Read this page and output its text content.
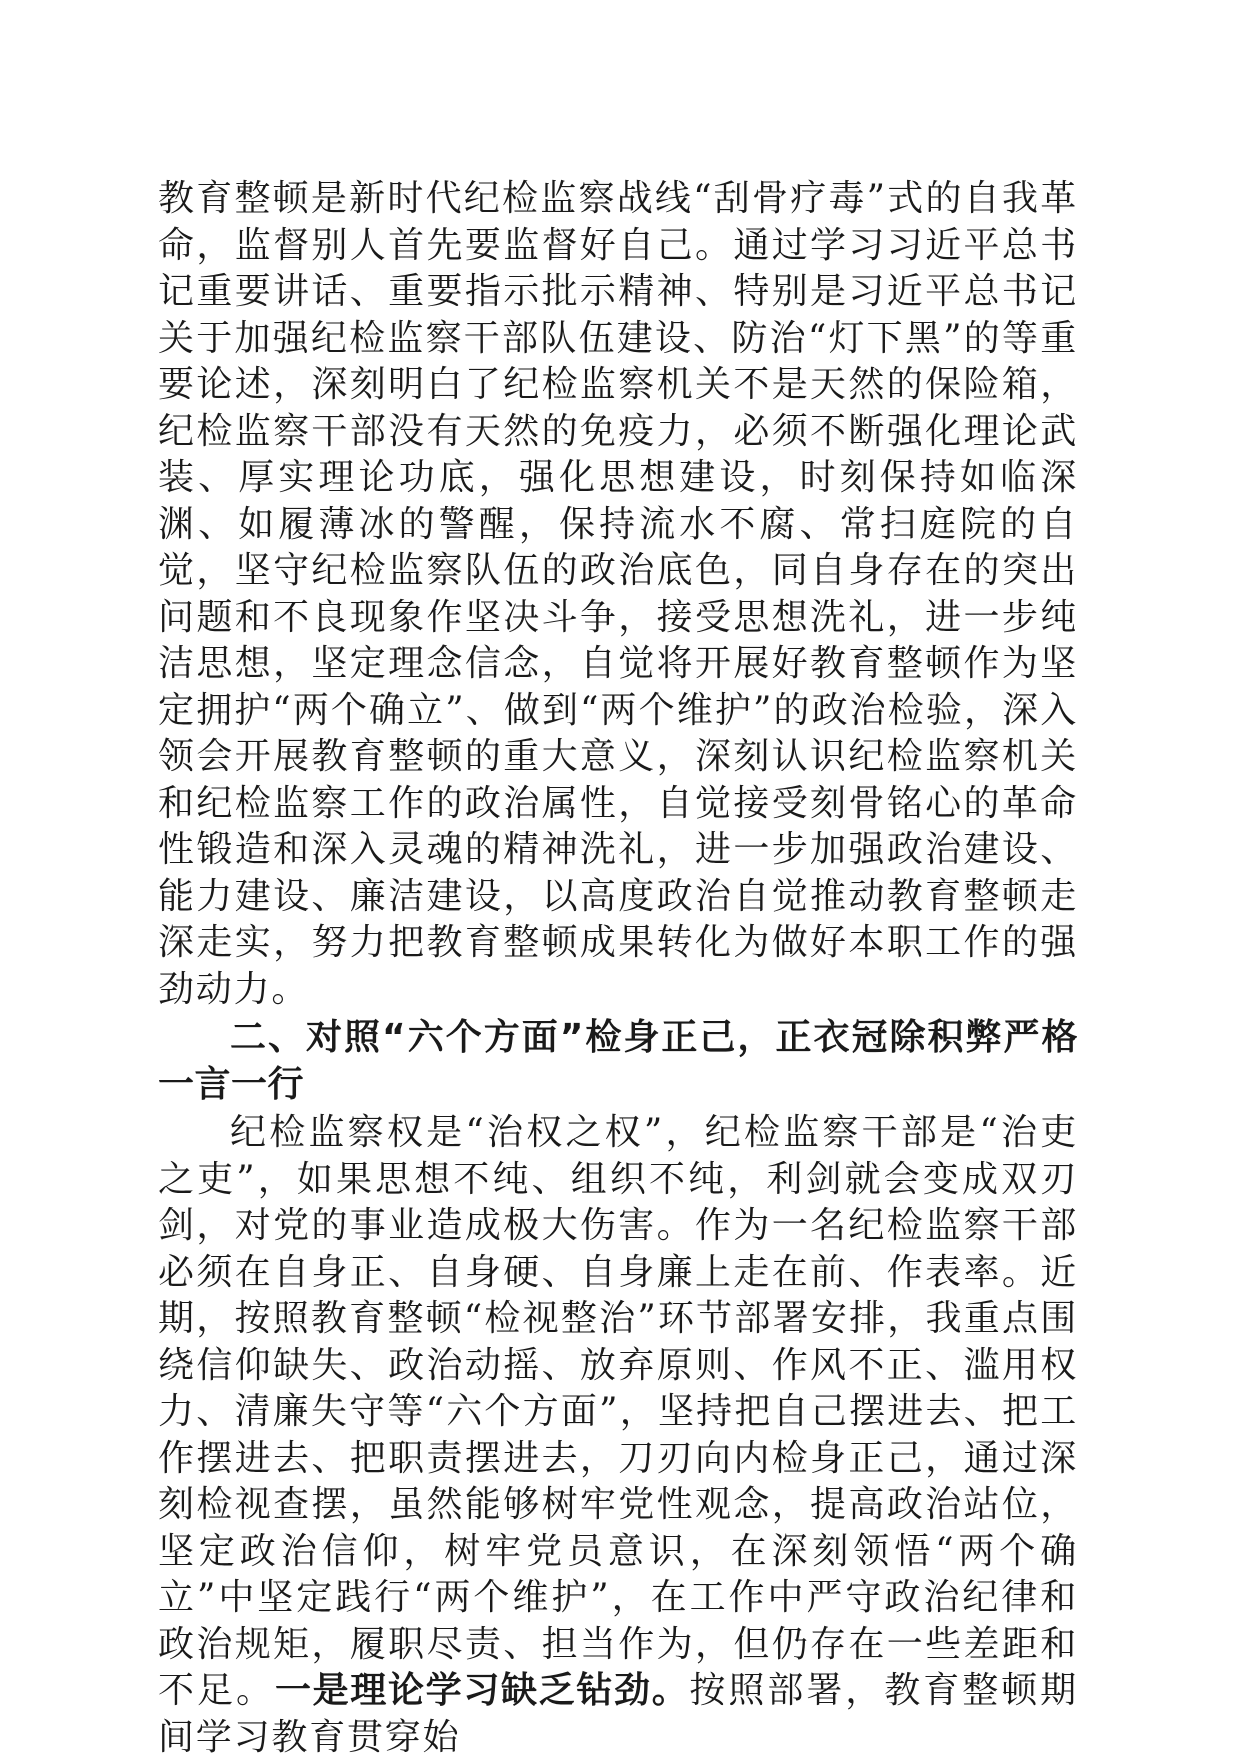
教育整顿是新时代纪检监察战线“刮骨疗毒”式的自我革命，监督别人首先要监督好自己。通过学习习近平总书记重要讲话、重要指示批示精神、特别是习近平总书记关于加强纪检监察干部队伍建设、防治“灯下黑”的等重要论述，深刻明白了纪检监察机关不是天然的保险箱，纪检监察干部没有天然的免疫力，必须不断强化理论武装、厚实理论功底，强化思想建设，时刻保持如临深渊、如履薄冰的警醒，保持流水不腐、常扫庭院的自觉，坚守纪检监察队伍的政治底色，同自身存在的突出问题和不良现象作坚决斗争，接受思想洗礼，进一步纯洁思想，坚定理念信念，自觉将开展好教育整顿作为坚定拥护“两个确立”、做到“两个维护”的政治检验，深入领会开展教育整顿的重大意义，深刻认识纪检监察机关和纪检监察工作的政治属性，自觉接受刻骨铭心的革命性锻造和深入灵魂的精神洗礼，进一步加强政治建设、能力建设、廉洁建设，以高度政治自觉推动教育整顿走深走实，努力把教育整顿成果转化为做好本职工作的强劲动力。

二、对照“六个方面”检身正己，正衣冠除积弊严格一言一行

纪检监察权是“治权之权”，纪检监察干部是“治吏之吏”，如果思想不纯、组织不纯，利剑就会变成双刃剑，对党的事业造成极大伤害。作为一名纪检监察干部必须在自身正、自身硬、自身廉上走在前、作表率。近期，按照教育整顿“检视整治”环节部署安排，我重点围绕信仰缺失、政治动摇、放弃原则、作风不正、滥用权力、清廉失守等“六个方面”，坚持把自己摆进去、把工作摆进去、把职责摆进去，刀刃向内检身正己，通过深刻检视查摆，虽然能够树牢党性观念，提高政治站位，坚定政治信仰，树牢党员意识，在深刻领悟“两个确立”中坚定践行“两个维护”，在工作中严守政治纪律和政治规矩，履职尽责、担当作为，但仍存在一些差距和不足。一是理论学习缺乏钻劲。按照部署，教育整顿期间学习教育贯穿始
